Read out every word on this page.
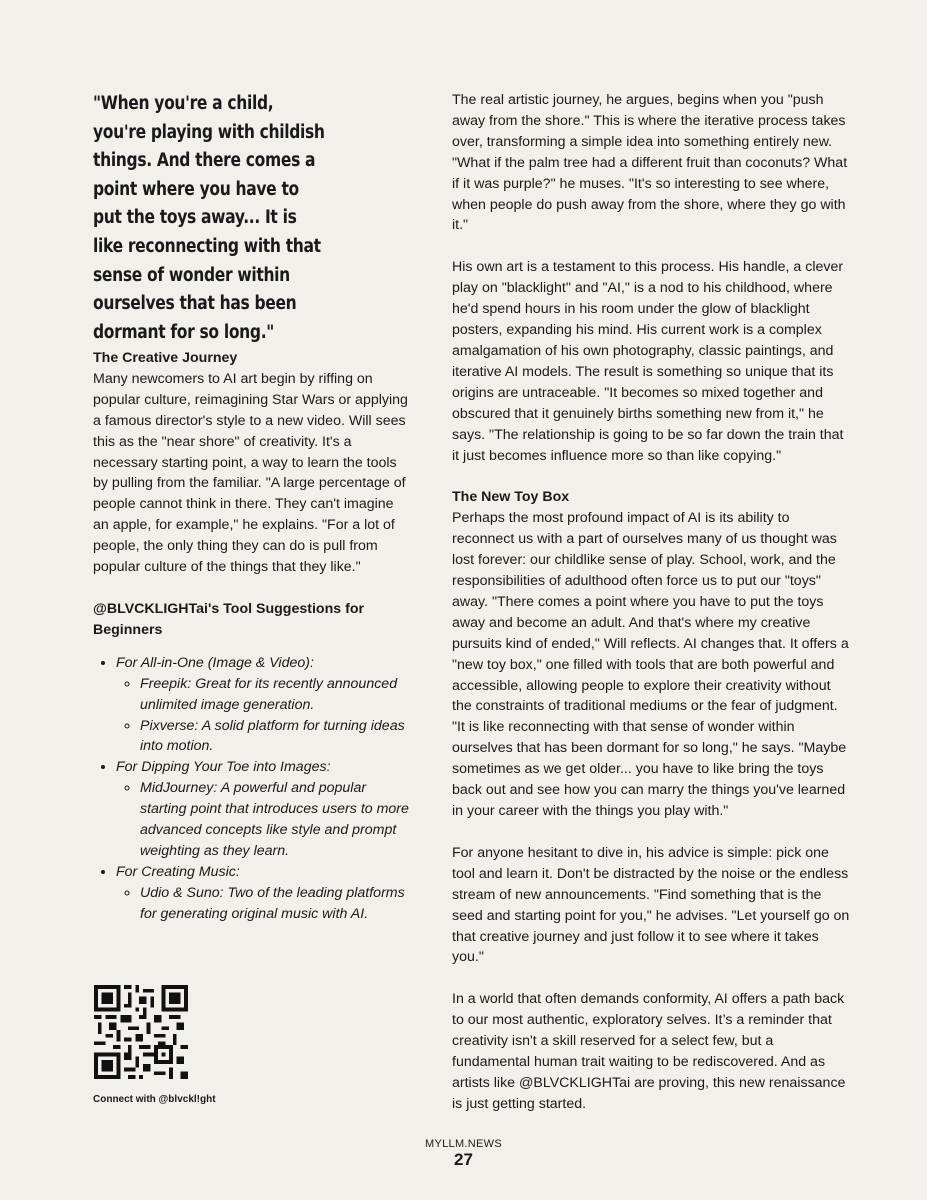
"When you're a child, you're playing with childish things. And there comes a point where you have to put the toys away... It is like reconnecting with that sense of wonder within ourselves that has been dormant for so long."

The Creative Journey

Many newcomers to AI art begin by riffing on popular culture, reimagining Star Wars or applying a famous director's style to a new video. Will sees this as the "near shore" of creativity. It's a necessary starting point, a way to learn the tools by pulling from the familiar. "A large percentage of people cannot think in there. They can't imagine an apple, for example," he explains. "For a lot of people, the only thing they can do is pull from popular culture of the things that they like."

@BLVCKLIGHTai's Tool Suggestions for Beginners

• For All-in-One (Image & Video):
◦ Freepik: Great for its recently announced unlimited image generation.
◦ Pixverse: A solid platform for turning ideas into motion.
• For Dipping Your Toe into Images:
◦ MidJourney: A powerful and popular starting point that introduces users to more advanced concepts like style and prompt weighting as they learn.
• For Creating Music:
◦ Udio & Suno: Two of the leading platforms for generating original music with AI.
Connect with @blvckl!ght

The real artistic journey, he argues, begins when you "push away from the shore." This is where the iterative process takes over, transforming a simple idea into something entirely new. "What if the palm tree had a different fruit than coconuts? What if it was purple?" he muses. "It's so interesting to see where, when people do push away from the shore, where they go with it."

His own art is a testament to this process. His handle, a clever play on "blacklight" and "AI," is a nod to his childhood, where he'd spend hours in his room under the glow of blacklight posters, expanding his mind. His current work is a complex amalgamation of his own photography, classic paintings, and iterative AI models. The result is something so unique that its origins are untraceable. "It becomes so mixed together and obscured that it genuinely births something new from it," he says. "The relationship is going to be so far down the train that it just becomes influence more so than like copying."

The New Toy Box

Perhaps the most profound impact of AI is its ability to reconnect us with a part of ourselves many of us thought was lost forever: our childlike sense of play. School, work, and the responsibilities of adulthood often force us to put our "toys" away. "There comes a point where you have to put the toys away and become an adult. And that's where my creative pursuits kind of ended," Will reflects. AI changes that. It offers a "new toy box," one filled with tools that are both powerful and accessible, allowing people to explore their creativity without the constraints of traditional mediums or the fear of judgment. "It is like reconnecting with that sense of wonder within ourselves that has been dormant for so long," he says. "Maybe sometimes as we get older... you have to like bring the toys back out and see how you can marry the things you've learned in your career with the things you play with."

For anyone hesitant to dive in, his advice is simple: pick one tool and learn it. Don't be distracted by the noise or the endless stream of new announcements. "Find something that is the seed and starting point for you," he advises. "Let yourself go on that creative journey and just follow it to see where it takes you."

In a world that often demands conformity, AI offers a path back to our most authentic, exploratory selves. It’s a reminder that creativity isn't a skill reserved for a select few, but a fundamental human trait waiting to be rediscovered. And as artists like @BLVCKLIGHTai are proving, this new renaissance is just getting started.

MYLLM.NEWS
27
